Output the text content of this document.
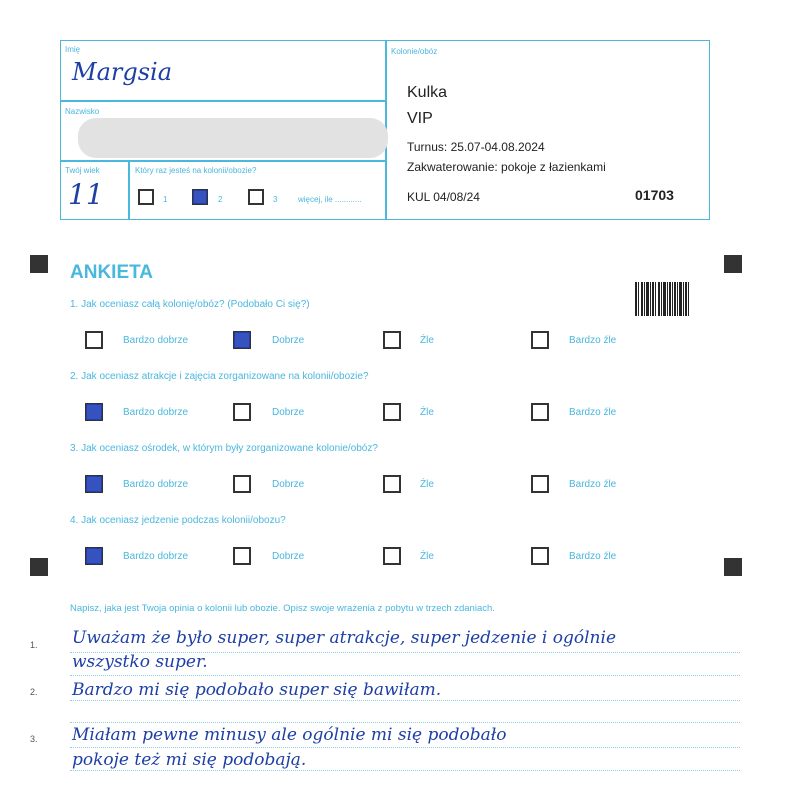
Imię
Margsia
Nazwisko
Twój wiek
11
Który raz jesteś na kolonii/obozie?
1	2	3	więcej, ile ............
Kolonie/obóz
Kulka
VIP
Turnus: 25.07-04.08.2024
Zakwaterowanie: pokoje z łazienkami
KUL 04/08/24	01703
ANKIETA
1. Jak oceniasz całą kolonię/obóz? (Podobało Ci się?)
Bardzo dobrze	Dobrze	Źle	Bardzo źle
2. Jak oceniasz atrakcje i zajęcia zorganizowane na kolonii/obozie?
Bardzo dobrze	Dobrze	Źle	Bardzo źle
3. Jak oceniasz ośrodek, w którym były zorganizowane kolonie/obóz?
Bardzo dobrze	Dobrze	Źle	Bardzo źle
4. Jak oceniasz jedzenie podczas kolonii/obozu?
Bardzo dobrze	Dobrze	Źle	Bardzo źle
Napisz, jaka jest Twoja opinia o kolonii lub obozie. Opisz swoje wrażenia z pobytu w trzech zdaniach.
1.
2.
3.
Uważam że było super, super atrakcje, super jedzenie i ogólnie
wszystko super.
Bardzo mi się podobało super się bawiłam.
Miałam pewne minusy ale ogólnie mi się podobało
pokoje też mi się podobają.
